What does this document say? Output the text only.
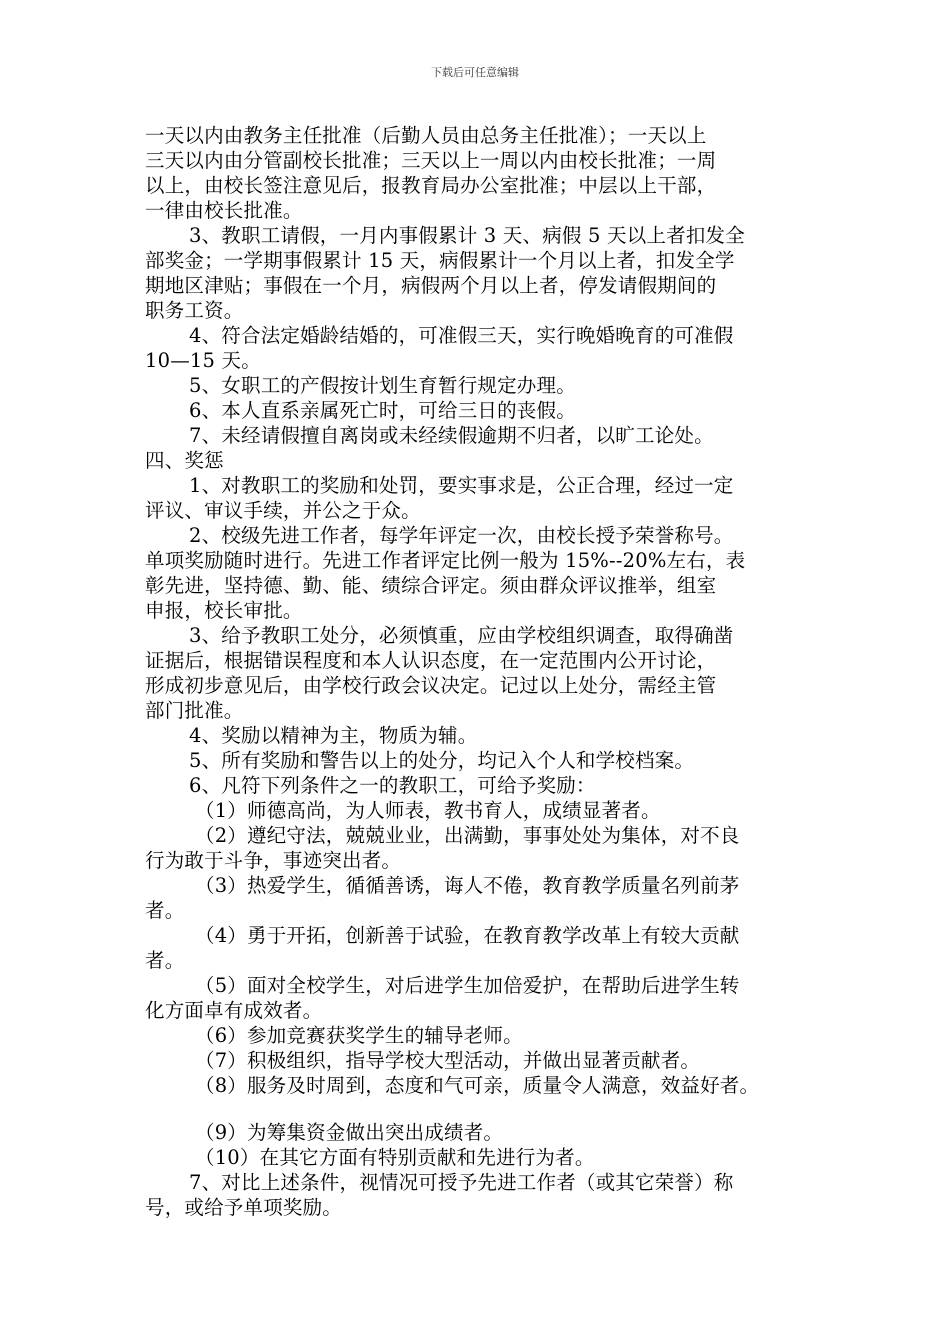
下载后可任意编辑
一天以内由教务主任批准（后勤人员由总务主任批准）；一天以上
三天以内由分管副校长批准；三天以上一周以内由校长批准；一周
以上，由校长签注意见后，报教育局办公室批准；中层以上干部，
一律由校长批准。
3、教职工请假，一月内事假累计 3 天、病假 5 天以上者扣发全
部奖金；一学期事假累计 15 天，病假累计一个月以上者，扣发全学
期地区津贴；事假在一个月，病假两个月以上者，停发请假期间的
职务工资。
4、符合法定婚龄结婚的，可准假三天，实行晚婚晚育的可准假
10—15 天。
5、女职工的产假按计划生育暂行规定办理。
6、本人直系亲属死亡时，可给三日的丧假。
7、未经请假擅自离岗或未经续假逾期不归者，以旷工论处。
四、奖惩
1、对教职工的奖励和处罚，要实事求是，公正合理，经过一定
评议、审议手续，并公之于众。
2、校级先进工作者，每学年评定一次，由校长授予荣誉称号。
单项奖励随时进行。先进工作者评定比例一般为 15%--20%左右，表
彰先进，坚持德、勤、能、绩综合评定。须由群众评议推举，组室
申报，校长审批。
3、给予教职工处分，必须慎重，应由学校组织调查，取得确凿
证据后，根据错误程度和本人认识态度，在一定范围内公开讨论，
形成初步意见后，由学校行政会议决定。记过以上处分，需经主管
部门批准。
4、奖励以精神为主，物质为辅。
5、所有奖励和警告以上的处分，均记入个人和学校档案。
6、凡符下列条件之一的教职工，可给予奖励：
（1）师德高尚，为人师表，教书育人，成绩显著者。
（2）遵纪守法，兢兢业业，出满勤，事事处处为集体，对不良
行为敢于斗争，事迹突出者。
（3）热爱学生，循循善诱，诲人不倦，教育教学质量名列前茅
者。
（4）勇于开拓，创新善于试验，在教育教学改革上有较大贡献
者。
（5）面对全校学生，对后进学生加倍爱护，在帮助后进学生转
化方面卓有成效者。
（6）参加竞赛获奖学生的辅导老师。
（7）积极组织，指导学校大型活动，并做出显著贡献者。
（8）服务及时周到，态度和气可亲，质量令人满意，效益好者。
（9）为筹集资金做出突出成绩者。
（10）在其它方面有特别贡献和先进行为者。
7、对比上述条件，视情况可授予先进工作者（或其它荣誉）称
号，或给予单项奖励。
